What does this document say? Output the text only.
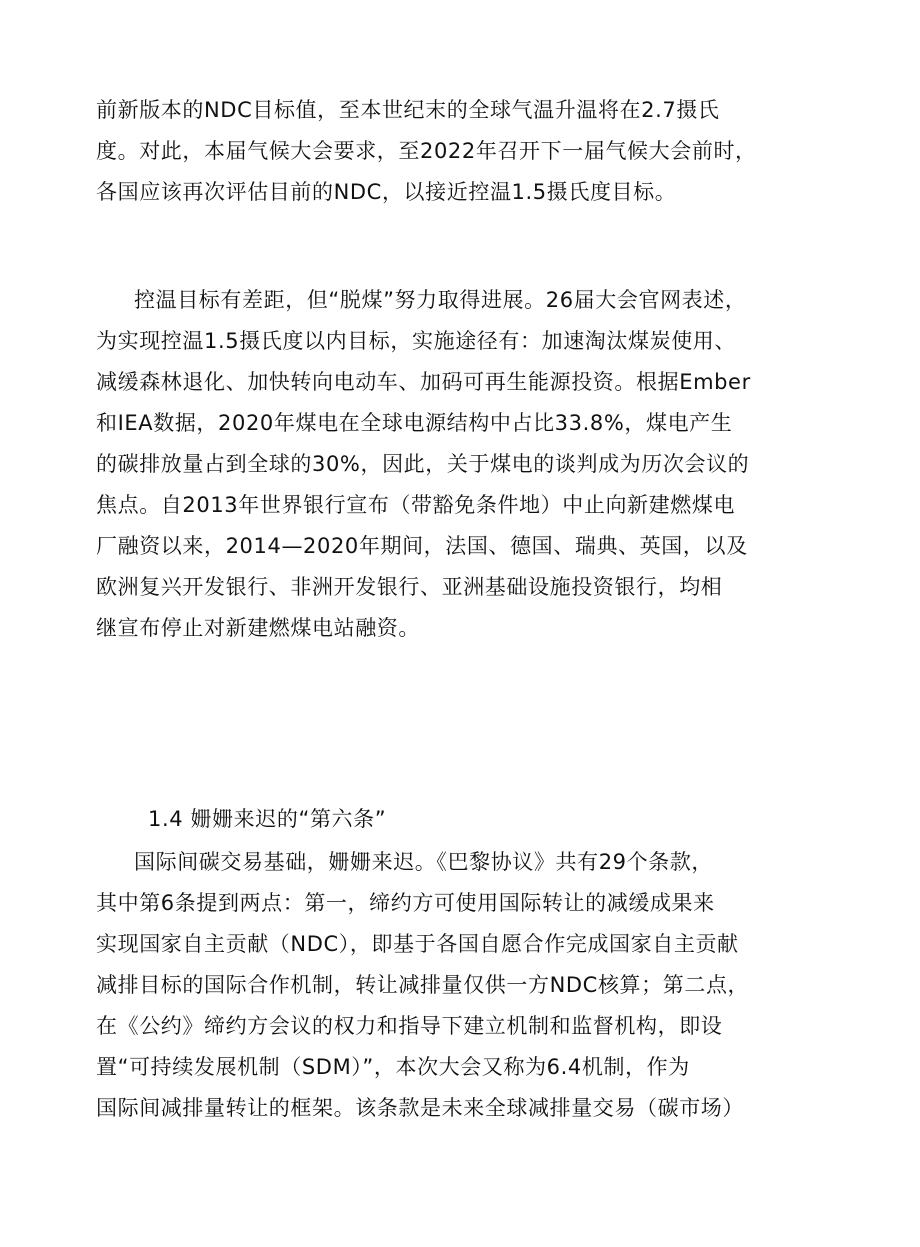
前新版本的NDC目标值，至本世纪末的全球气温升温将在2.7摄氏
度。对此，本届气候大会要求，至2022年召开下一届气候大会前时，
各国应该再次评估目前的NDC，以接近控温1.5摄氏度目标。
控温目标有差距，但“脱煤”努力取得进展。26届大会官网表述，
为实现控温1.5摄氏度以内目标，实施途径有：加速淘汰煤炭使用、
减缓森林退化、加快转向电动车、加码可再生能源投资。根据Ember
和IEA数据，2020年煤电在全球电源结构中占比33.8%，煤电产生
的碳排放量占到全球的30%，因此，关于煤电的谈判成为历次会议的
焦点。自2013年世界银行宣布（带豁免条件地）中止向新建燃煤电
厂融资以来，2014—2020年期间，法国、德国、瑞典、英国，以及
欧洲复兴开发银行、非洲开发银行、亚洲基础设施投资银行，均相
继宣布停止对新建燃煤电站融资。
1.4 姗姗来迟的“第六条”
国际间碳交易基础，姗姗来迟。《巴黎协议》共有29个条款，
其中第6条提到两点：第一，缔约方可使用国际转让的减缓成果来
实现国家自主贡献（NDC），即基于各国自愿合作完成国家自主贡献
减排目标的国际合作机制，转让减排量仅供一方NDC核算；第二点，
在《公约》缔约方会议的权力和指导下建立机制和监督机构，即设
置“可持续发展机制（SDM）”，本次大会又称为6.4机制，作为
国际间减排量转让的框架。该条款是未来全球减排量交易（碳市场）
